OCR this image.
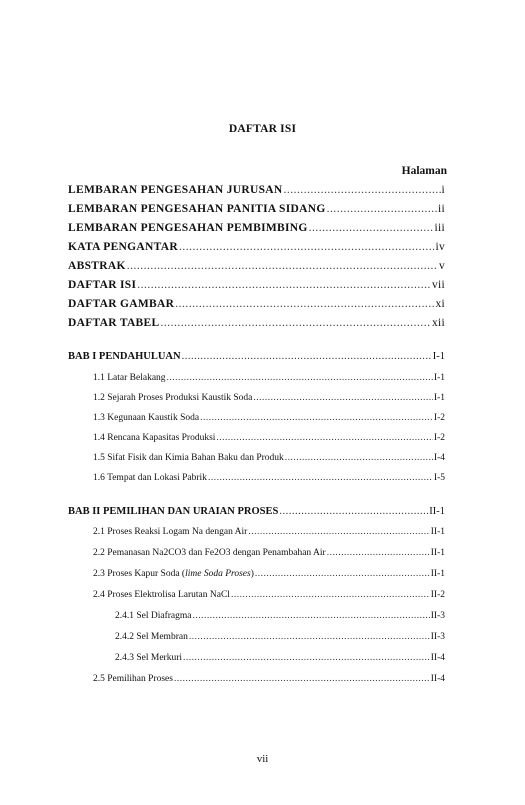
DAFTAR ISI
Halaman
LEMBARAN PENGESAHAN JURUSAN .....	i
LEMBARAN PENGESAHAN PANITIA SIDANG .....	ii
LEMBARAN PENGESAHAN PEMBIMBING .....	iii
KATA PENGANTAR .....	iv
ABSTRAK .....	v
DAFTAR ISI .....	vii
DAFTAR GAMBAR .....	xi
DAFTAR TABEL .....	xii
BAB I PENDAHULUAN .....	I-1
1.1 Latar Belakang .....	I-1
1.2 Sejarah Proses Produksi Kaustik Soda .....	I-1
1.3 Kegunaan Kaustik Soda .....	I-2
1.4 Rencana Kapasitas Produksi .....	I-2
1.5 Sifat Fisik dan Kimia Bahan Baku dan Produk .....	I-4
1.6 Tempat dan Lokasi Pabrik .....	I-5
BAB II PEMILIHAN DAN URAIAN PROSES .....	II-1
2.1 Proses Reaksi Logam Na dengan Air .....	II-1
2.2 Pemanasan Na2CO3 dan Fe2O3 dengan Penambahan Air .....	II-1
2.3 Proses Kapur Soda (lime Soda Proses) .....	II-1
2.4 Proses Elektrolisa Larutan NaCl .....	II-2
2.4.1 Sel Diafragma .....	II-3
2.4.2 Sel Membran .....	II-3
2.4.3 Sel Merkuri .....	II-4
2.5 Pemilihan Proses .....	II-4
vii
